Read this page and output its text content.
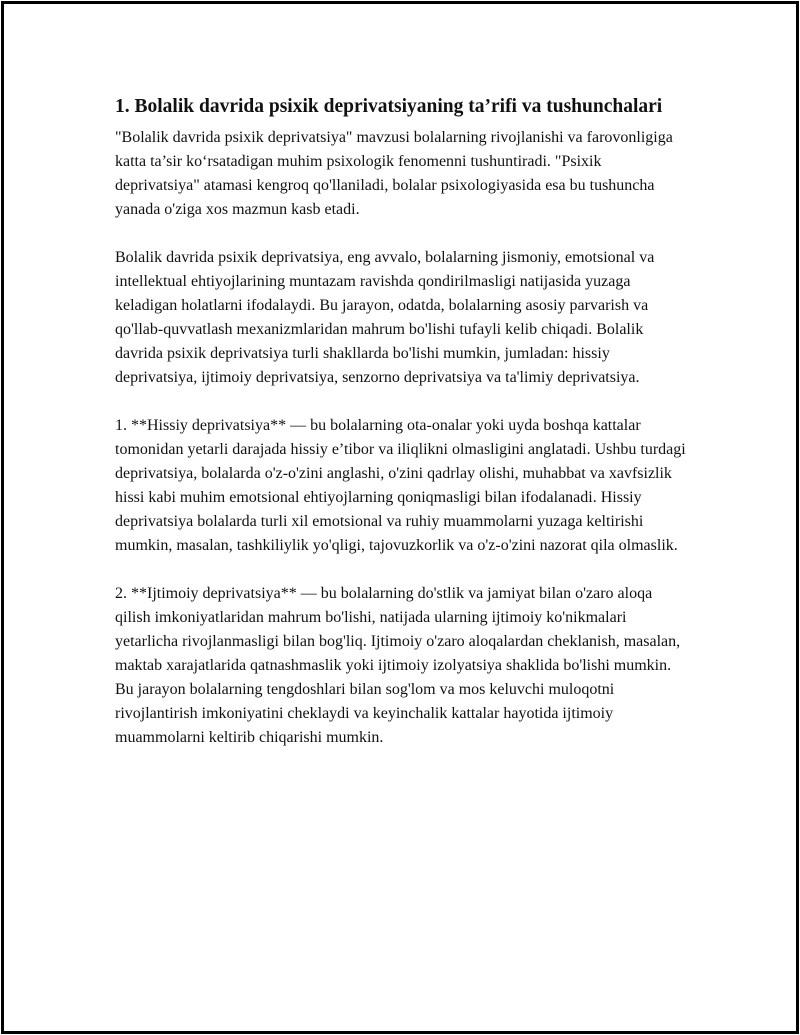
1. Bolalik davrida psixik deprivatsiyaning ta’rifi va tushunchalari

"Bolalik davrida psixik deprivatsiya" mavzusi bolalarning rivojlanishi va farovonligiga katta ta’sir ko‘rsatadigan muhim psixologik fenomenni tushuntiradi. "Psixik deprivatsiya" atamasi kengroq qo'llaniladi, bolalar psixologiyasida esa bu tushuncha yanada o'ziga xos mazmun kasb etadi.

Bolalik davrida psixik deprivatsiya, eng avvalo, bolalarning jismoniy, emotsional va intellektual ehtiyojlarining muntazam ravishda qondirilmasligi natijasida yuzaga keladigan holatlarni ifodalaydi. Bu jarayon, odatda, bolalarning asosiy parvarish va qo'llab-quvvatlash mexanizmlaridan mahrum bo'lishi tufayli kelib chiqadi. Bolalik davrida psixik deprivatsiya turli shakllarda bo'lishi mumkin, jumladan: hissiy deprivatsiya, ijtimoiy deprivatsiya, senzorno deprivatsiya va ta'limiy deprivatsiya.

1. **Hissiy deprivatsiya** — bu bolalarning ota-onalar yoki uyda boshqa kattalar tomonidan yetarli darajada hissiy e’tibor va iliqlikni olmasligini anglatadi. Ushbu turdagi deprivatsiya, bolalarda o'z-o'zini anglashi, o'zini qadrlay olishi, muhabbat va xavfsizlik hissi kabi muhim emotsional ehtiyojlarning qoniqmasligi bilan ifodalanadi. Hissiy deprivatsiya bolalarda turli xil emotsional va ruhiy muammolarni yuzaga keltirishi mumkin, masalan, tashkiliylik yo'qligi, tajovuzkorlik va o'z-o'zini nazorat qila olmaslik.

2. **Ijtimoiy deprivatsiya** — bu bolalarning do'stlik va jamiyat bilan o'zaro aloqa qilish imkoniyatlaridan mahrum bo'lishi, natijada ularning ijtimoiy ko'nikmalari yetarlicha rivojlanmasligi bilan bog'liq. Ijtimoiy o'zaro aloqalardan cheklanish, masalan, maktab xarajatlarida qatnashmaslik yoki ijtimoiy izolyatsiya shaklida bo'lishi mumkin. Bu jarayon bolalarning tengdoshlari bilan sog'lom va mos keluvchi muloqotni rivojlantirish imkoniyatini cheklaydi va keyinchalik kattalar hayotida ijtimoiy muammolarni keltirib chiqarishi mumkin.
